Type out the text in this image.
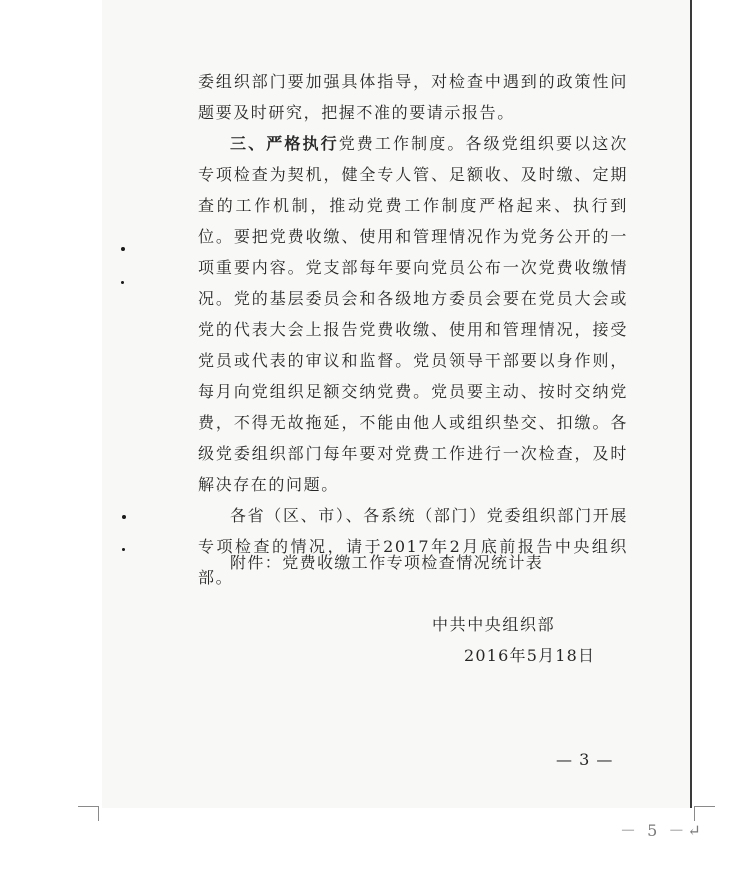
委组织部门要加强具体指导，对检查中遇到的政策性问题要及时研究，把握不准的要请示报告。

三、严格执行党费工作制度。各级党组织要以这次专项检查为契机，健全专人管、足额收、及时缴、定期查的工作机制，推动党费工作制度严格起来、执行到位。要把党费收缴、使用和管理情况作为党务公开的一项重要内容。党支部每年要向党员公布一次党费收缴情况。党的基层委员会和各级地方委员会要在党员大会或党的代表大会上报告党费收缴、使用和管理情况，接受党员或代表的审议和监督。党员领导干部要以身作则，每月向党组织足额交纳党费。党员要主动、按时交纳党费，不得无故拖延，不能由他人或组织垫交、扣缴。各级党委组织部门每年要对党费工作进行一次检查，及时解决存在的问题。

各省（区、市）、各系统（部门）党委组织部门开展专项检查的情况，请于2017年2月底前报告中央组织部。

附件：党费收缴工作专项检查情况统计表
中共中央组织部
2016年5月18日
— 3 —
－ 5 －↵
